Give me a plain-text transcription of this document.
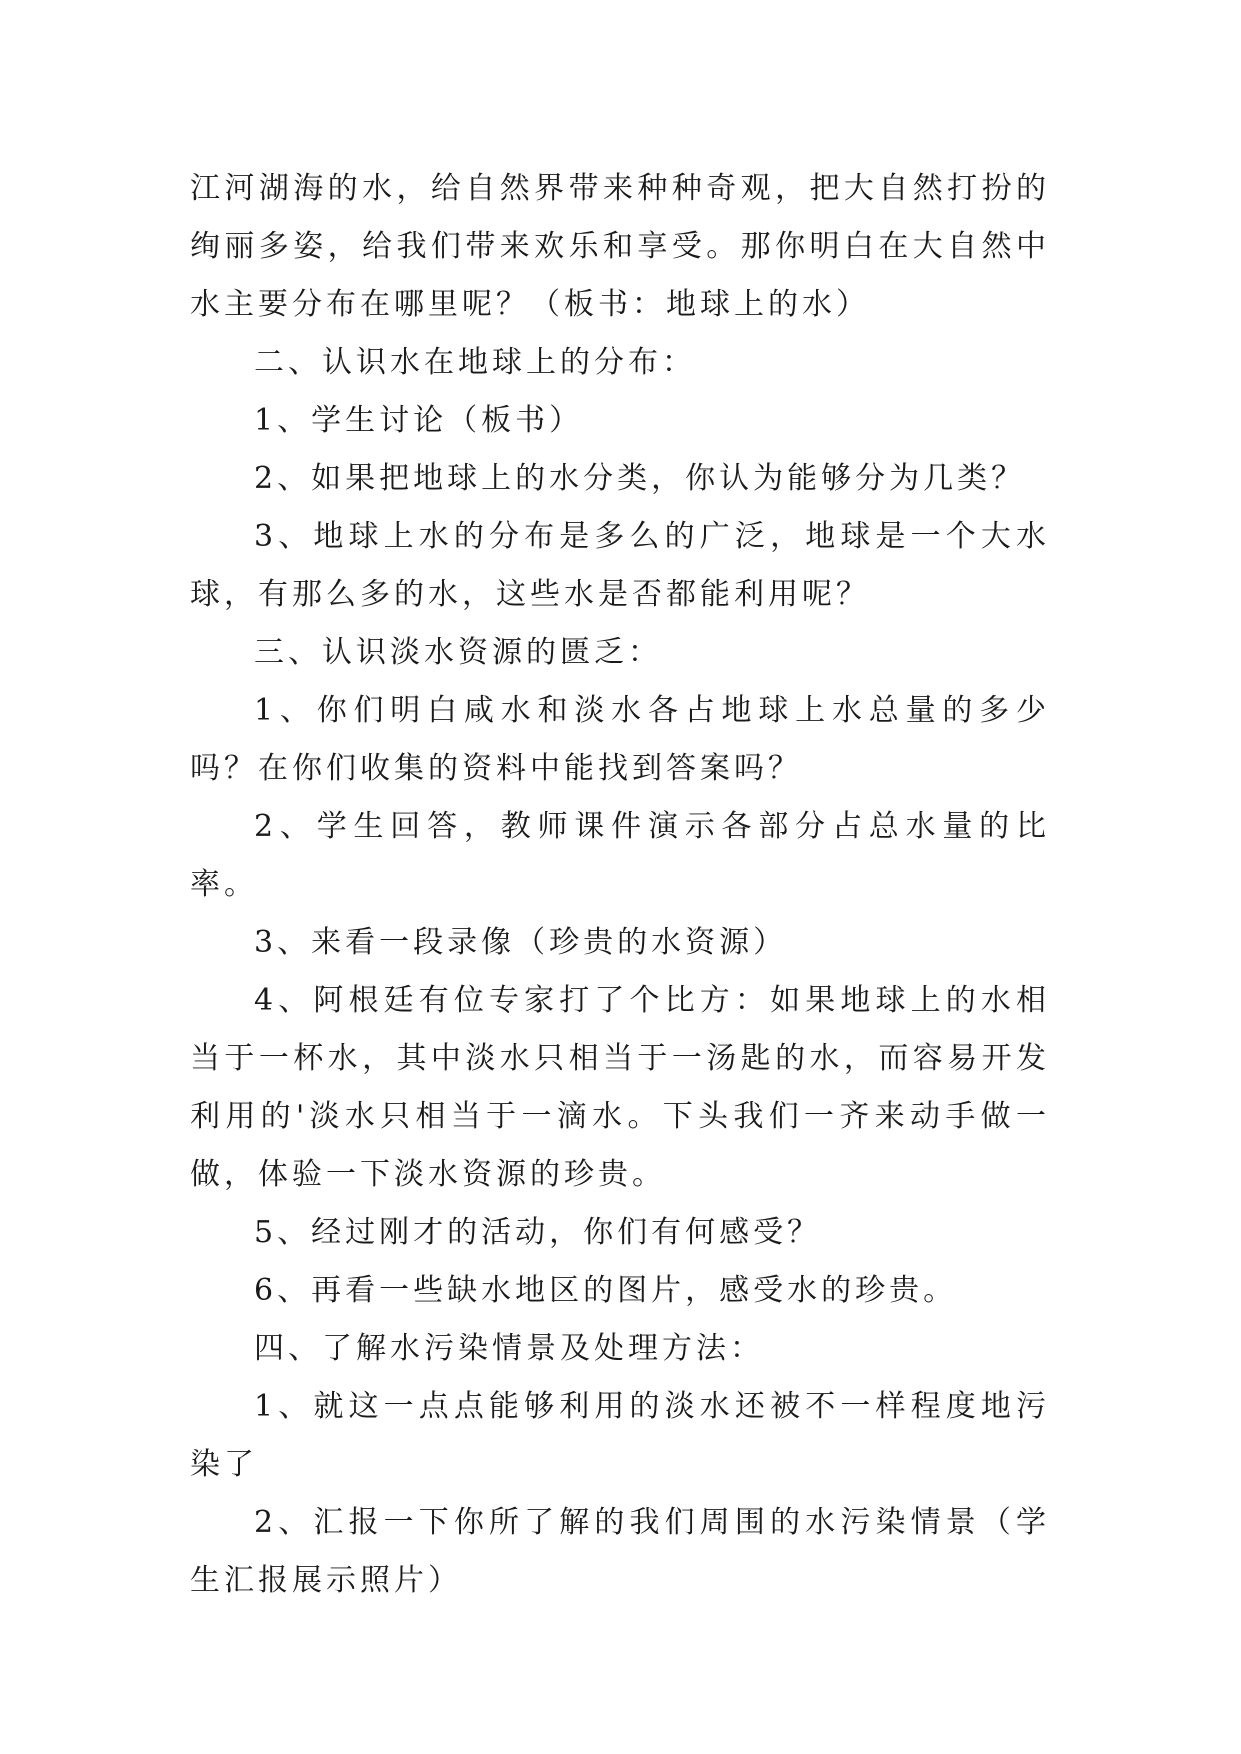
江河湖海的水，给自然界带来种种奇观，把大自然打扮的绚丽多姿，给我们带来欢乐和享受。那你明白在大自然中水主要分布在哪里呢？（板书：地球上的水）

二、认识水在地球上的分布：

1、学生讨论（板书）

2、如果把地球上的水分类，你认为能够分为几类？

3、地球上水的分布是多么的广泛，地球是一个大水球，有那么多的水，这些水是否都能利用呢？

三、认识淡水资源的匮乏：

1、你们明白咸水和淡水各占地球上水总量的多少吗？在你们收集的资料中能找到答案吗？

2、学生回答，教师课件演示各部分占总水量的比率。

3、来看一段录像（珍贵的水资源）

4、阿根廷有位专家打了个比方：如果地球上的水相当于一杯水，其中淡水只相当于一汤匙的水，而容易开发利用的'淡水只相当于一滴水。下头我们一齐来动手做一做，体验一下淡水资源的珍贵。

5、经过刚才的活动，你们有何感受？

6、再看一些缺水地区的图片，感受水的珍贵。

四、了解水污染情景及处理方法：

1、就这一点点能够利用的淡水还被不一样程度地污染了

2、汇报一下你所了解的我们周围的水污染情景（学生汇报展示照片）
